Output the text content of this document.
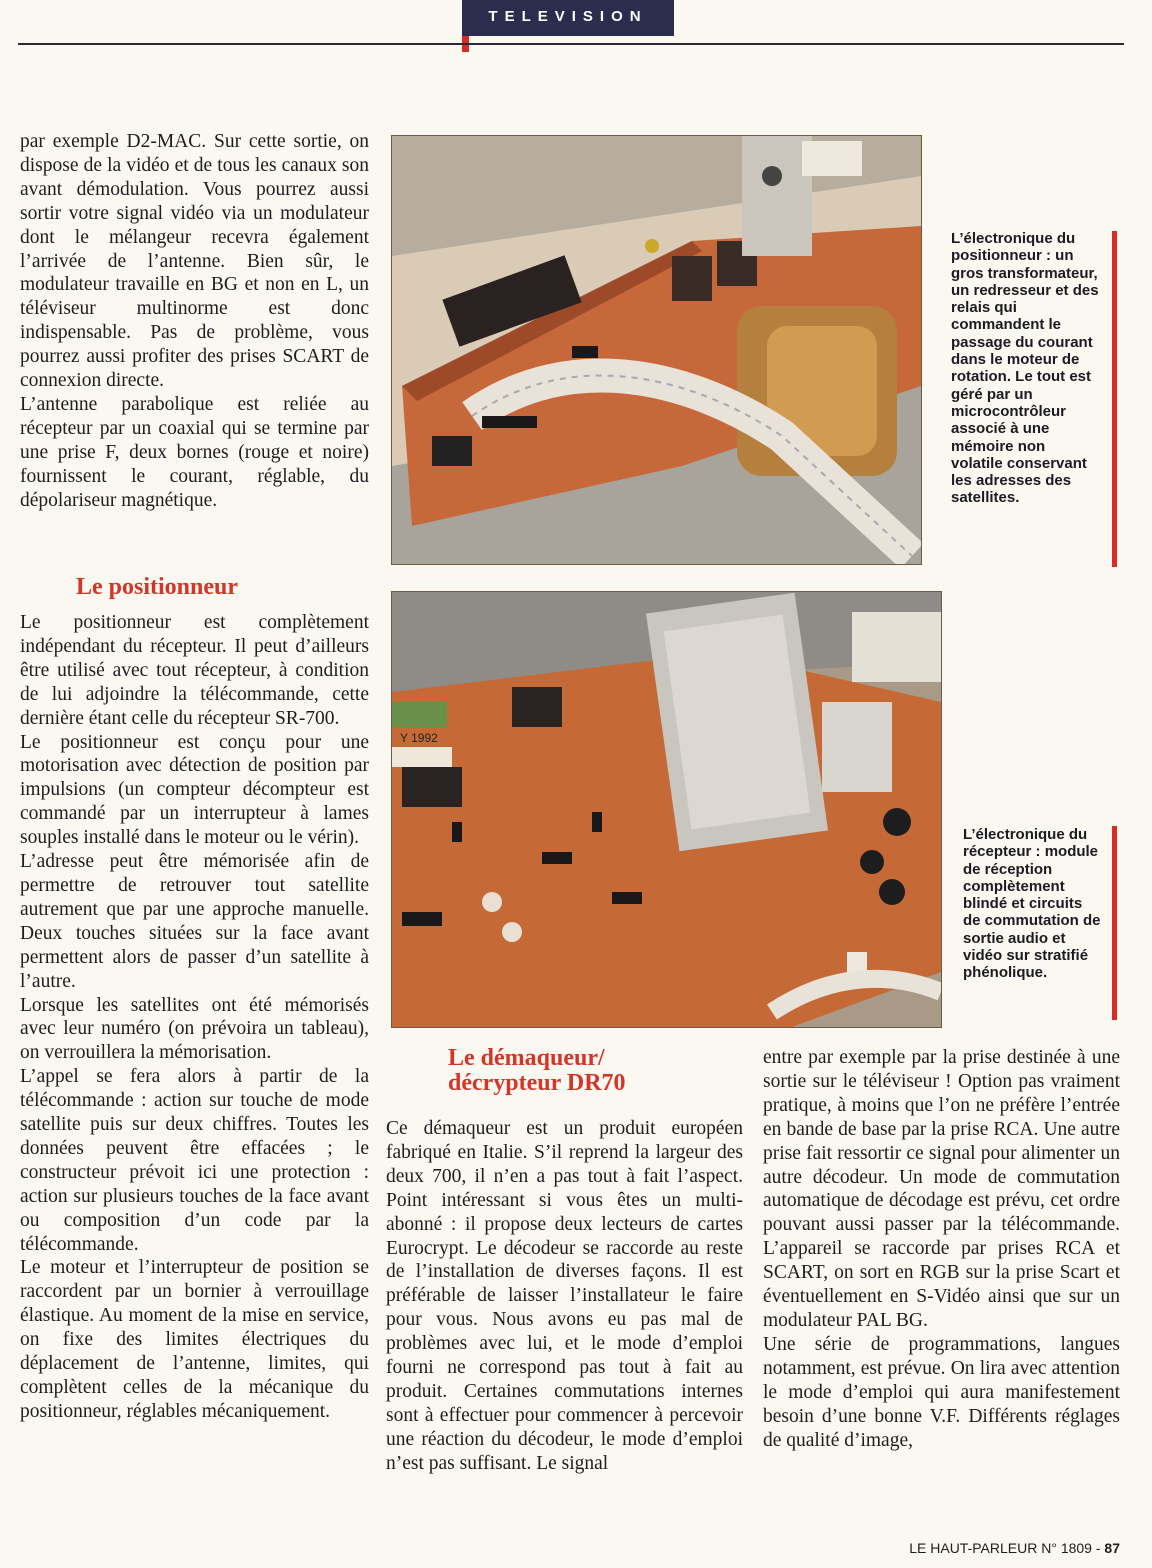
TELEVISION

par exemple D2-MAC. Sur cette sortie, on dispose de la vidéo et de tous les canaux son avant démodulation. Vous pourrez aussi sortir votre signal vidéo via un modulateur dont le mélangeur recevra également l’arrivée de l’antenne. Bien sûr, le modulateur travaille en BG et non en L, un téléviseur multinorme est donc indispensable. Pas de problème, vous pourrez aussi profiter des prises SCART de connexion directe.

L’antenne parabolique est reliée au récepteur par un coaxial qui se termine par une prise F, deux bornes (rouge et noire) fournissent le courant, réglable, du dépolariseur magnétique.

Le positionneur

Le positionneur est complètement indépendant du récepteur. Il peut d’ailleurs être utilisé avec tout récepteur, à condition de lui adjoindre la télécommande, cette dernière étant celle du récepteur SR-700.

Le positionneur est conçu pour une motorisation avec détection de position par impulsions (un compteur décompteur est commandé par un interrupteur à lames souples installé dans le moteur ou le vérin).

L’adresse peut être mémorisée afin de permettre de retrouver tout satellite autrement que par une approche manuelle. Deux touches situées sur la face avant permettent alors de passer d’un satellite à l’autre.

Lorsque les satellites ont été mémorisés avec leur numéro (on prévoira un tableau), on verrouillera la mémorisation.

L’appel se fera alors à partir de la télécommande : action sur touche de mode satellite puis sur deux chiffres. Toutes les données peuvent être effacées ; le constructeur prévoit ici une protection : action sur plusieurs touches de la face avant ou composition d’un code par la télécommande.

Le moteur et l’interrupteur de position se raccordent par un bornier à verrouillage élastique. Au moment de la mise en service, on fixe des limites électriques du déplacement de l’antenne, limites, qui complètent celles de la mécanique du positionneur, réglables mécaniquement.

L’électronique du positionneur : un gros transformateur, un redresseur et des relais qui commandent le passage du courant dans le moteur de rotation. Le tout est géré par un microcontrôleur associé à une mémoire non volatile conservant les adresses des satellites.
Y 1992
L’électronique du récepteur : module de réception complètement blindé et circuits de commutation de sortie audio et vidéo sur stratifié phénolique.
Le démaqueur/ décrypteur DR70

Ce démaqueur est un produit européen fabriqué en Italie. S’il reprend la largeur des deux 700, il n’en a pas tout à fait l’aspect. Point intéressant si vous êtes un multi-abonné : il propose deux lecteurs de cartes Eurocrypt. Le décodeur se raccorde au reste de l’installation de diverses façons. Il est préférable de laisser l’installateur le faire pour vous. Nous avons eu pas mal de problèmes avec lui, et le mode d’emploi fourni ne correspond pas tout à fait au produit. Certaines commutations internes sont à effectuer pour commencer à percevoir une réaction du décodeur, le mode d’emploi n’est pas suffisant. Le signal

entre par exemple par la prise destinée à une sortie sur le téléviseur ! Option pas vraiment pratique, à moins que l’on ne préfère l’entrée en bande de base par la prise RCA. Une autre prise fait ressortir ce signal pour alimenter un autre décodeur. Un mode de commutation automatique de décodage est prévu, cet ordre pouvant aussi passer par la télécommande. L’appareil se raccorde par prises RCA et SCART, on sort en RGB sur la prise Scart et éventuellement en S-Vidéo ainsi que sur un modulateur PAL BG.

Une série de programmations, langues notamment, est prévue. On lira avec attention le mode d’emploi qui aura manifestement besoin d’une bonne V.F. Différents réglages de qualité d’image,

LE HAUT-PARLEUR N° 1809 - 87
